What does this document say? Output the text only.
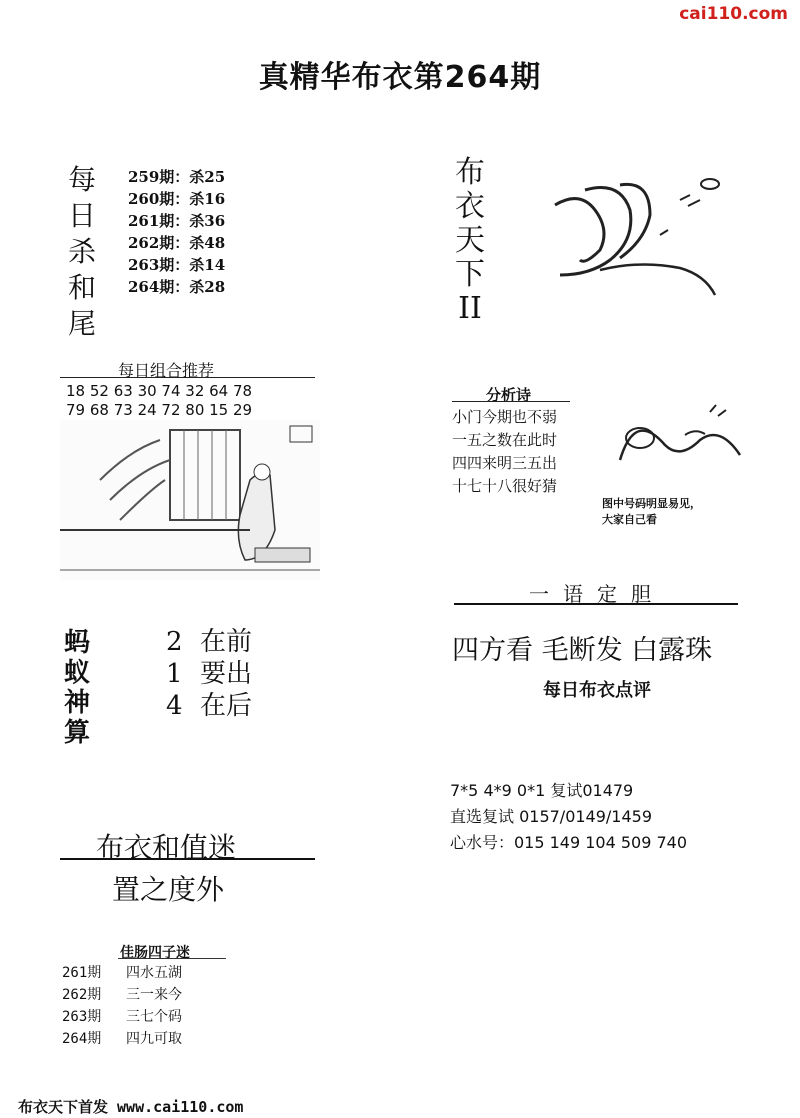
cai110.com
真精华布衣第264期
每
日
杀
和
尾
259期：杀25
260期：杀16
261期：杀36
262期：杀48
263期：杀14
264期：杀28
每日组合推荐
18 52 63 30 74 32 64 78
79 68 73 24 72 80 15 29
蚂
蚁
神
算
2 在前
1 要出
4 在后
布衣和值迷
置之度外
佳肠四子迷
261期 四水五湖
262期 三一来今
263期 三七个码
264期 四九可取
布衣天下首发 www.cai110.com
布
衣
天
下
II
分析诗
小门今期也不弱
一五之数在此时
四四来明三五出
十七十八很好猜
图中号码明显易见，
大家自己看
一语定胆
四方看 毛断发 白露珠
每日布衣点评
7*5 4*9 0*1 复试01479
直选复试 0157/0149/1459
心水号：015 149 104 509 740
